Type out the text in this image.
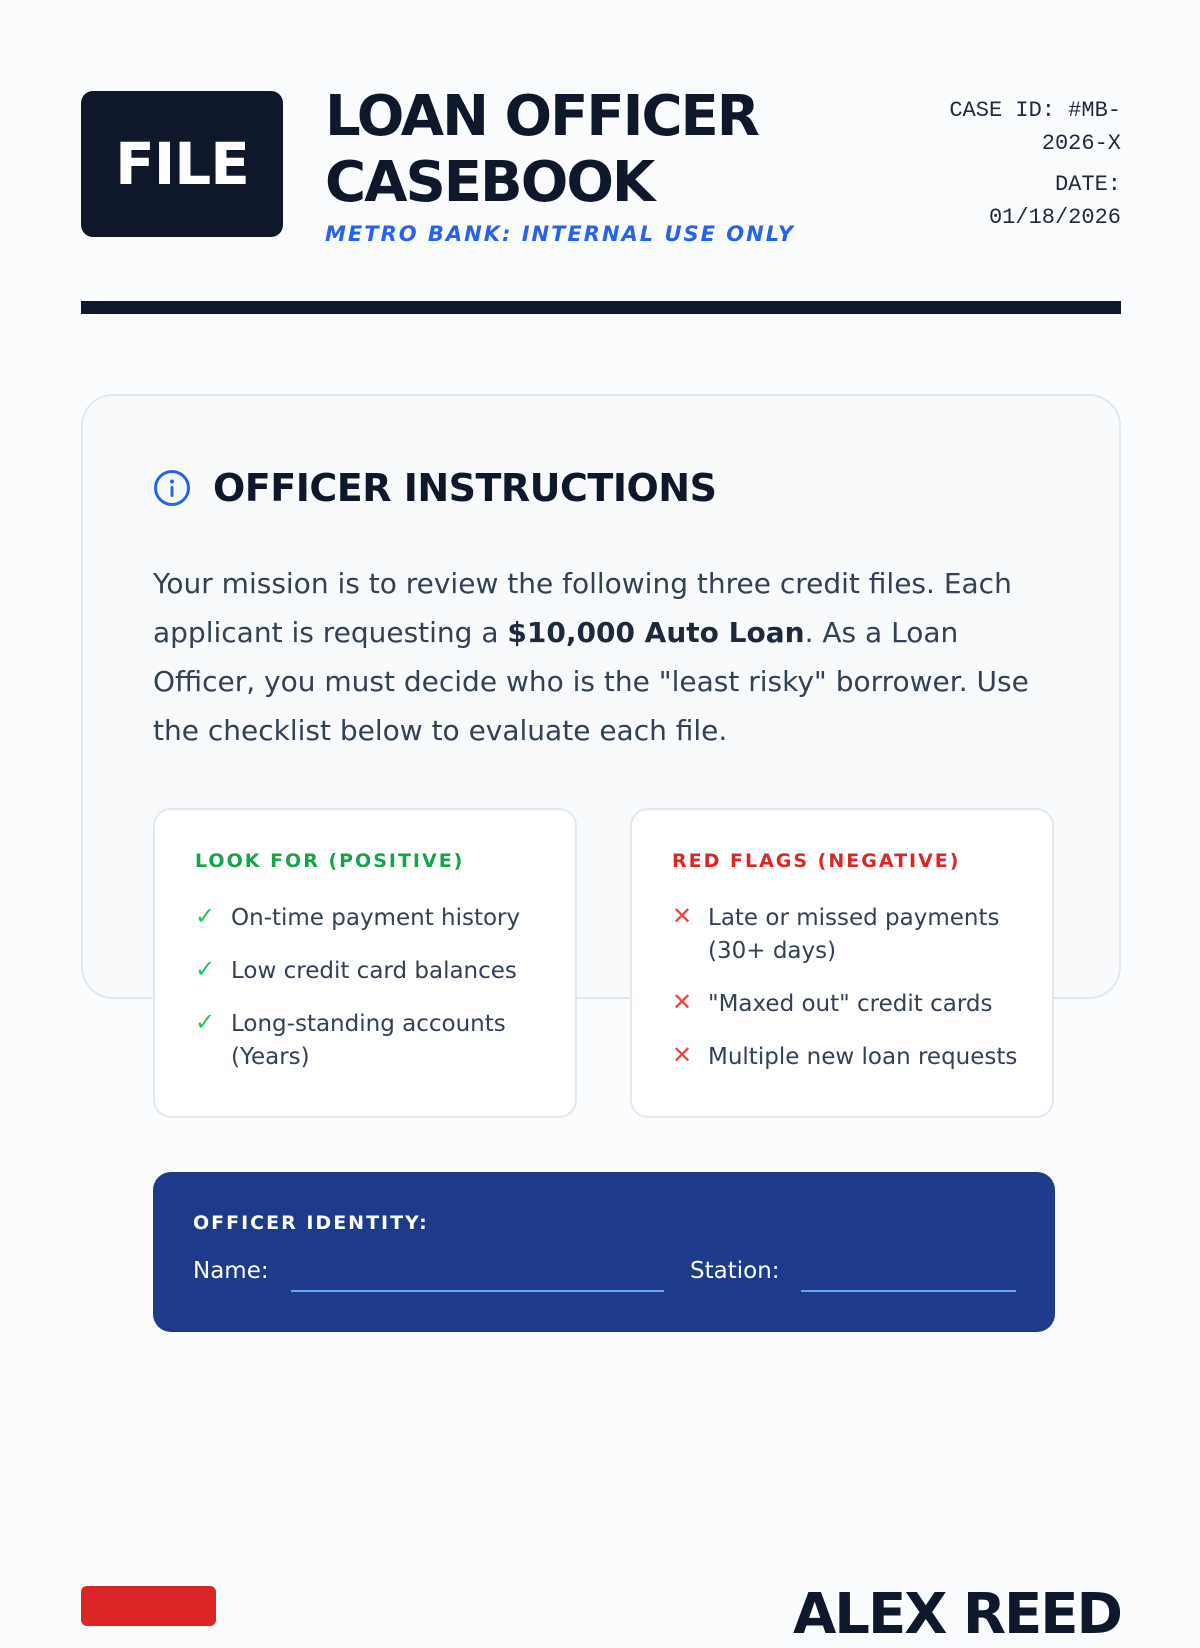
FILE
LOAN OFFICER CASEBOOK
METRO BANK: INTERNAL USE ONLY
CASE ID: #MB-2026-X
DATE:
01/18/2026
OFFICER INSTRUCTIONS

Your mission is to review the following three credit files. Each applicant is requesting a $10,000 Auto Loan. As a Loan Officer, you must decide who is the "least risky" borrower. Use the checklist below to evaluate each file.

LOOK FOR (POSITIVE)
✓ On-time payment history
✓ Low credit card balances
✓ Long-standing accounts (Years)
RED FLAGS (NEGATIVE)
✕ Late or missed payments (30+ days)
✕ "Maxed out" credit cards
✕ Multiple new loan requests
OFFICER IDENTITY:
Name:	Station:
ALEX REED
